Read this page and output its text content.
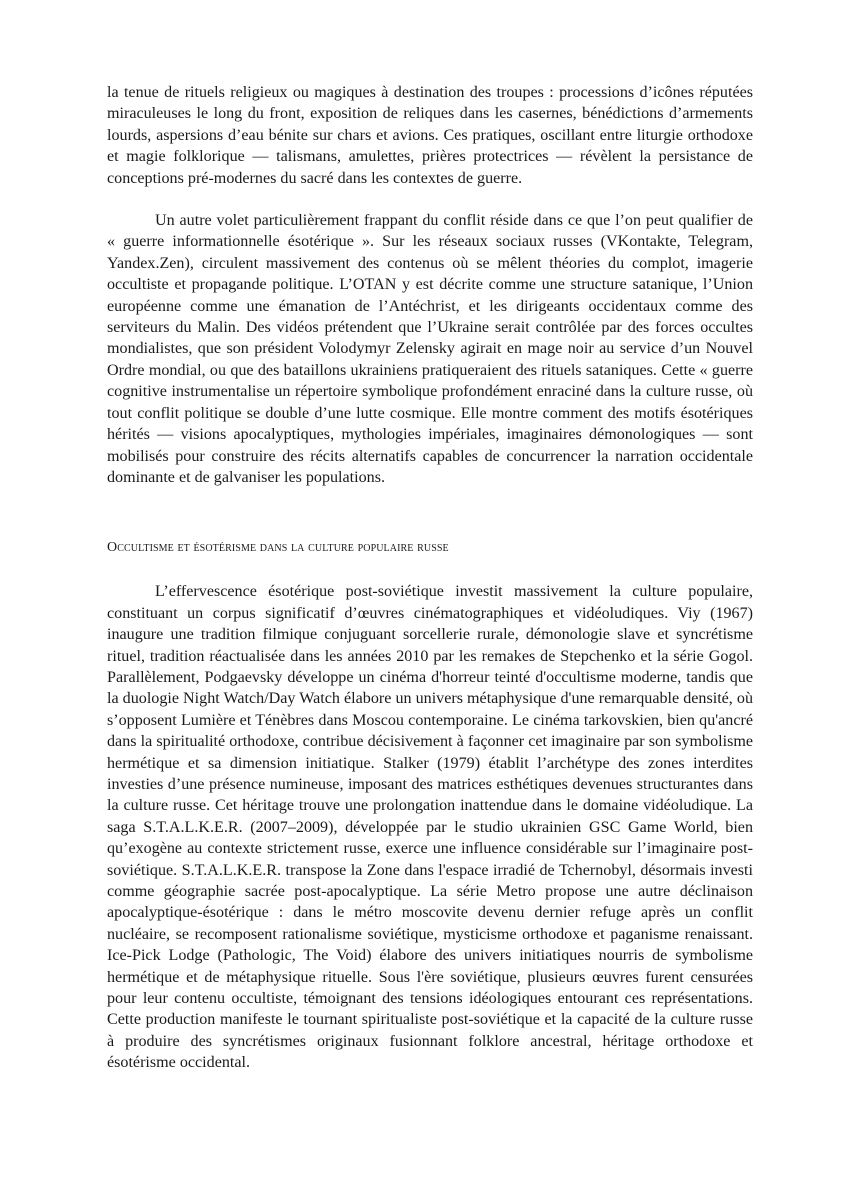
la tenue de rituels religieux ou magiques à destination des troupes : processions d’icônes réputées miraculeuses le long du front, exposition de reliques dans les casernes, bénédictions d’armements lourds, aspersions d’eau bénite sur chars et avions. Ces pratiques, oscillant entre liturgie orthodoxe et magie folklorique — talismans, amulettes, prières protectrices — révèlent la persistance de conceptions pré-modernes du sacré dans les contextes de guerre.

Un autre volet particulièrement frappant du conflit réside dans ce que l’on peut qualifier de « guerre informationnelle ésotérique ». Sur les réseaux sociaux russes (VKontakte, Telegram, Yandex.Zen), circulent massivement des contenus où se mêlent théories du complot, imagerie occultiste et propagande politique. L’OTAN y est décrite comme une structure satanique, l’Union européenne comme une émanation de l’Antéchrist, et les dirigeants occidentaux comme des serviteurs du Malin. Des vidéos prétendent que l’Ukraine serait contrôlée par des forces occultes mondialistes, que son président Volodymyr Zelensky agirait en mage noir au service d’un Nouvel Ordre mondial, ou que des bataillons ukrainiens pratiqueraient des rituels sataniques. Cette « guerre cognitive instrumentalise un répertoire symbolique profondément enraciné dans la culture russe, où tout conflit politique se double d’une lutte cosmique. Elle montre comment des motifs ésotériques hérités — visions apocalyptiques, mythologies impériales, imaginaires démonologiques — sont mobilisés pour construire des récits alternatifs capables de concurrencer la narration occidentale dominante et de galvaniser les populations.

Occultisme et ésotérisme dans la culture populaire russe

L’effervescence ésotérique post-soviétique investit massivement la culture populaire, constituant un corpus significatif d’œuvres cinématographiques et vidéoludiques. Viy (1967) inaugure une tradition filmique conjuguant sorcellerie rurale, démonologie slave et syncrétisme rituel, tradition réactualisée dans les années 2010 par les remakes de Stepchenko et la série Gogol. Parallèlement, Podgaevsky développe un cinéma d'horreur teinté d'occultisme moderne, tandis que la duologie Night Watch/Day Watch élabore un univers métaphysique d'une remarquable densité, où s’opposent Lumière et Ténèbres dans Moscou contemporaine. Le cinéma tarkovskien, bien qu'ancré dans la spiritualité orthodoxe, contribue décisivement à façonner cet imaginaire par son symbolisme hermétique et sa dimension initiatique. Stalker (1979) établit l’archétype des zones interdites investies d’une présence numineuse, imposant des matrices esthétiques devenues structurantes dans la culture russe. Cet héritage trouve une prolongation inattendue dans le domaine vidéoludique. La saga S.T.A.L.K.E.R. (2007–2009), développée par le studio ukrainien GSC Game World, bien qu’exogène au contexte strictement russe, exerce une influence considérable sur l’imaginaire post-soviétique. S.T.A.L.K.E.R. transpose la Zone dans l'espace irradié de Tchernobyl, désormais investi comme géographie sacrée post-apocalyptique. La série Metro propose une autre déclinaison apocalyptique-ésotérique : dans le métro moscovite devenu dernier refuge après un conflit nucléaire, se recomposent rationalisme soviétique, mysticisme orthodoxe et paganisme renaissant. Ice-Pick Lodge (Pathologic, The Void) élabore des univers initiatiques nourris de symbolisme hermétique et de métaphysique rituelle. Sous l'ère soviétique, plusieurs œuvres furent censurées pour leur contenu occultiste, témoignant des tensions idéologiques entourant ces représentations. Cette production manifeste le tournant spiritualiste post-soviétique et la capacité de la culture russe à produire des syncrétismes originaux fusionnant folklore ancestral, héritage orthodoxe et ésotérisme occidental.
